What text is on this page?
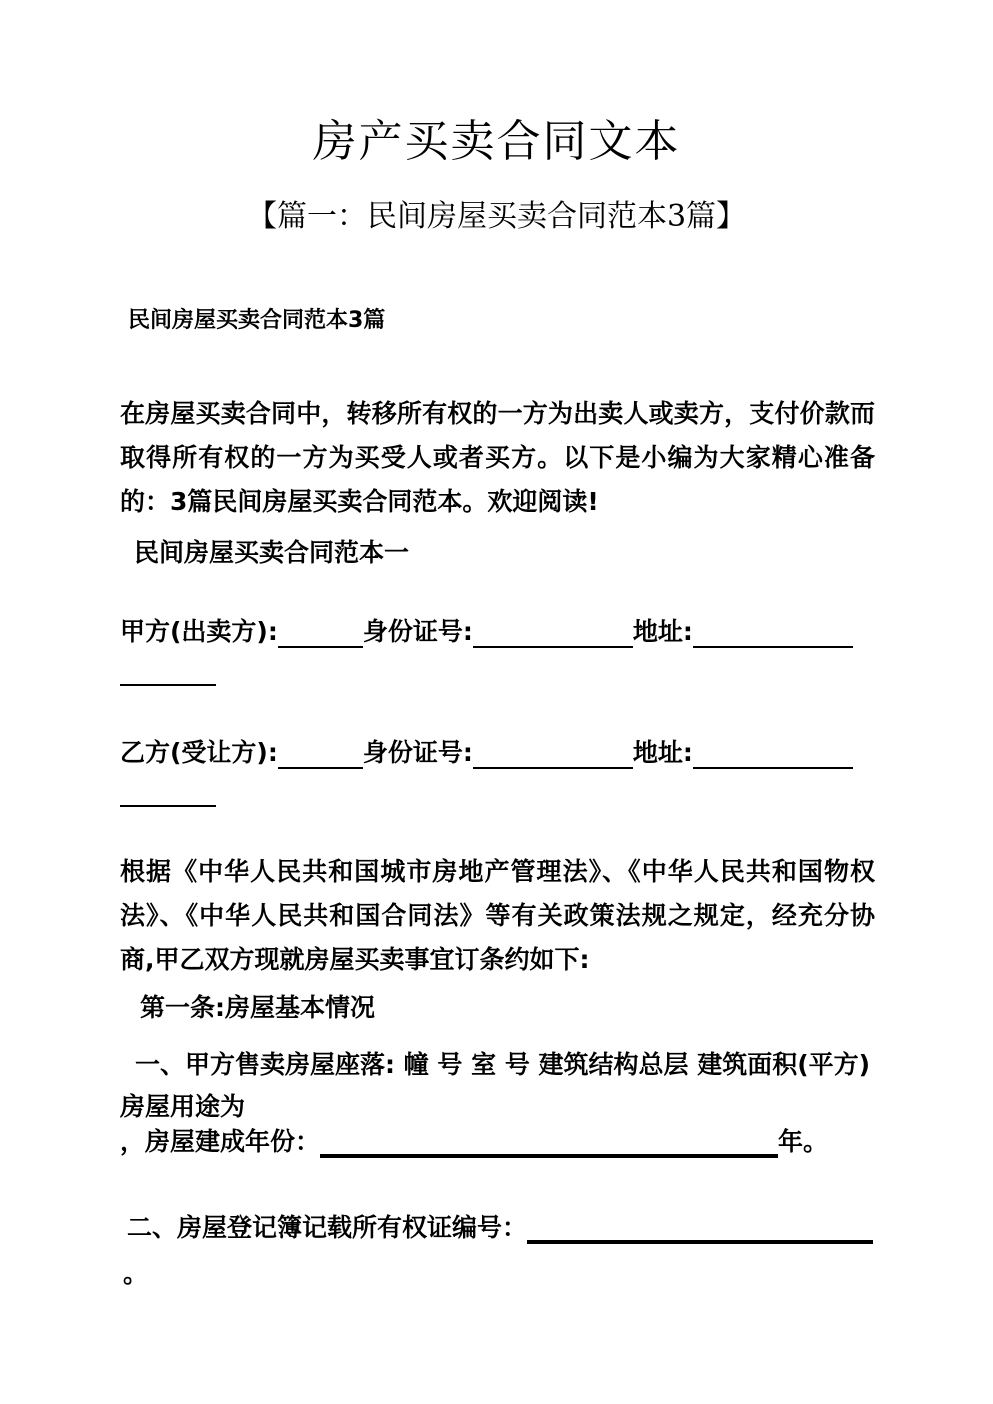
房产买卖合同文本
【篇一：民间房屋买卖合同范本3篇】
民间房屋买卖合同范本3篇
在房屋买卖合同中，转移所有权的一方为出卖人或卖方，支付价款而取得所有权的一方为买受人或者买方。以下是小编为大家精心准备的：3篇民间房屋买卖合同范本。欢迎阅读!
民间房屋买卖合同范本一
甲方(出卖方):	身份证号:	地址:
乙方(受让方):	身份证号:	地址:
根据《中华人民共和国城市房地产管理法》、《中华人民共和国物权法》、《中华人民共和国合同法》等有关政策法规之规定，经充分协商,甲乙双方现就房屋买卖事宜订条约如下:
第一条:房屋基本情况
一、甲方售卖房屋座落: 幢 号 室 号 建筑结构总层 建筑面积(平方)
房屋用途为
，房屋建成年份：	年。
二、房屋登记簿记载所有权证编号：
。
